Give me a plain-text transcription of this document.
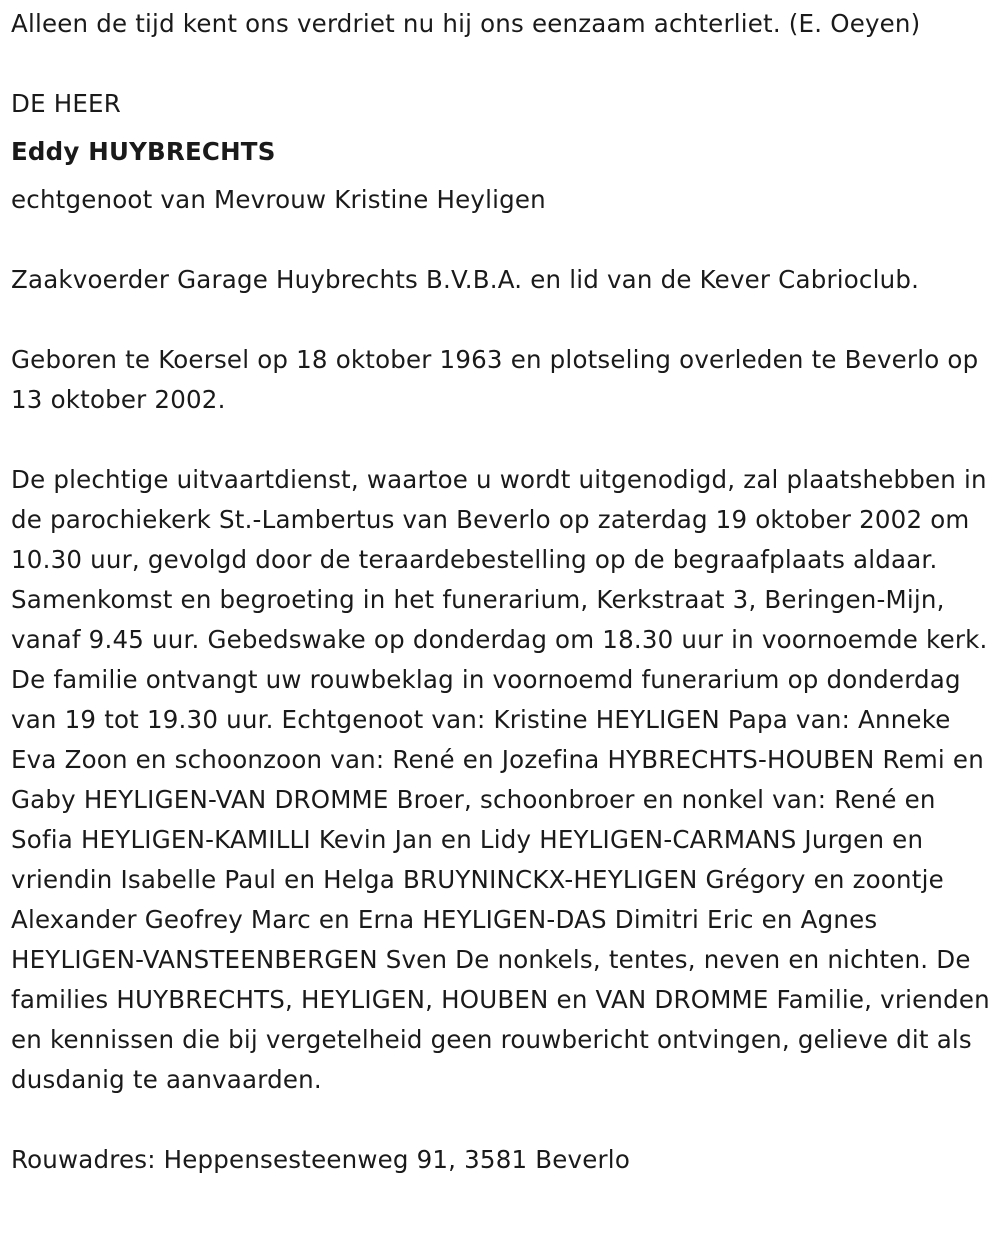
Alleen de tijd kent ons verdriet nu hij ons eenzaam achterliet. (E. Oeyen)

DE HEER

Eddy HUYBRECHTS

echtgenoot van Mevrouw Kristine Heyligen

Zaakvoerder Garage Huybrechts B.V.B.A. en lid van de Kever Cabrioclub.

Geboren te Koersel op 18 oktober 1963 en plotseling overleden te Beverlo op 13 oktober 2002.

De plechtige uitvaartdienst, waartoe u wordt uitgenodigd, zal plaatshebben in de parochiekerk St.-Lambertus van Beverlo op zaterdag 19 oktober 2002 om 10.30 uur, gevolgd door de teraardebestelling op de begraafplaats aldaar. Samenkomst en begroeting in het funerarium, Kerkstraat 3, Beringen-Mijn, vanaf 9.45 uur. Gebedswake op donderdag om 18.30 uur in voornoemde kerk. De familie ontvangt uw rouwbeklag in voornoemd funerarium op donderdag van 19 tot 19.30 uur. Echtgenoot van: Kristine HEYLIGEN Papa van: Anneke Eva Zoon en schoonzoon van: René en Jozefina HYBRECHTS-HOUBEN Remi en Gaby HEYLIGEN-VAN DROMME Broer, schoonbroer en nonkel van: René en Sofia HEYLIGEN-KAMILLI Kevin Jan en Lidy HEYLIGEN-CARMANS Jurgen en vriendin Isabelle Paul en Helga BRUYNINCKX-HEYLIGEN Grégory en zoontje Alexander Geofrey Marc en Erna HEYLIGEN-DAS Dimitri Eric en Agnes HEYLIGEN-VANSTEENBERGEN Sven De nonkels, tentes, neven en nichten. De families HUYBRECHTS, HEYLIGEN, HOUBEN en VAN DROMME Familie, vrienden en kennissen die bij vergetelheid geen rouwbericht ontvingen, gelieve dit als dusdanig te aanvaarden.

Rouwadres: Heppensesteenweg 91, 3581 Beverlo
